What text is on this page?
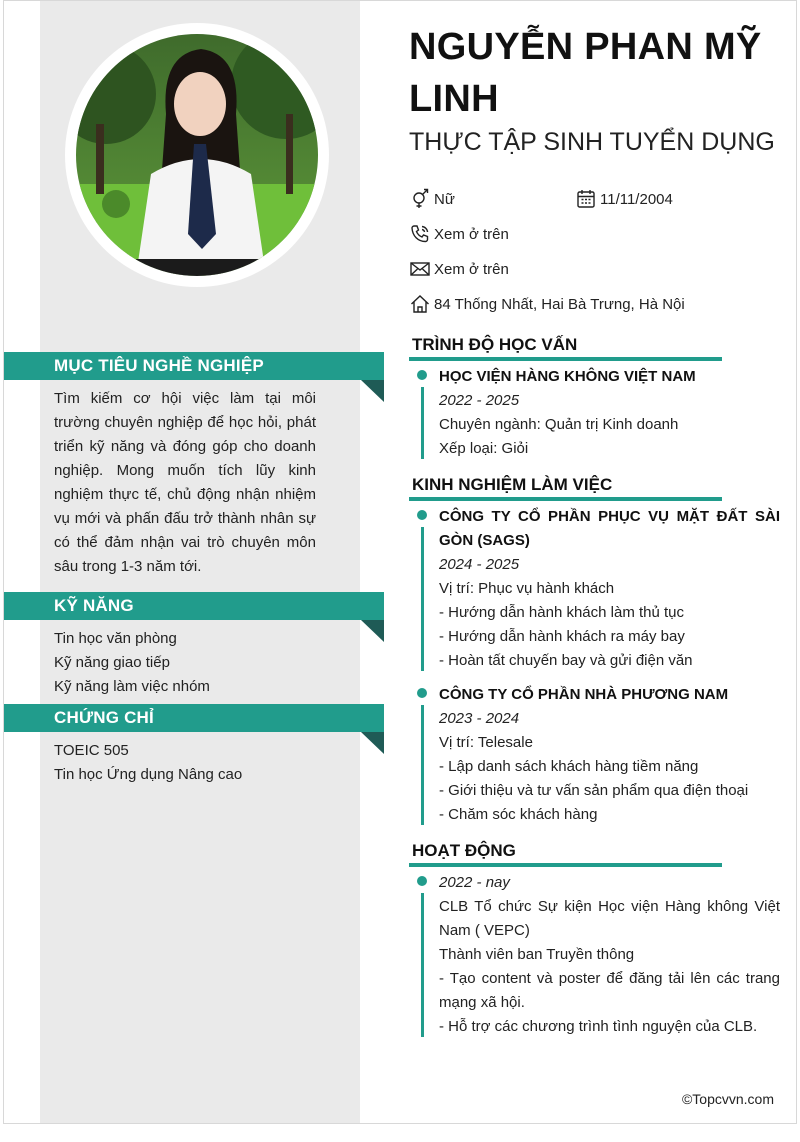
MỤC TIÊU NGHỀ NGHIỆP
Tìm kiếm cơ hội việc làm tại môi trường chuyên nghiệp để học hỏi, phát triển kỹ năng và đóng góp cho doanh nghiệp. Mong muốn tích lũy kinh nghiệm thực tế, chủ động nhận nhiệm vụ mới và phấn đấu trở thành nhân sự có thể đảm nhận vai trò chuyên môn sâu trong 1-3 năm tới.
KỸ NĂNG
Tin học văn phòng
Kỹ năng giao tiếp
Kỹ năng làm việc nhóm
CHỨNG CHỈ
TOEIC 505
Tin học Ứng dụng Nâng cao
NGUYỄN PHAN MỸ LINH
THỰC TẬP SINH TUYỂN DỤNG
Nữ	11/11/2004
Xem ở trên
Xem ở trên
84 Thống Nhất, Hai Bà Trưng, Hà Nội
TRÌNH ĐỘ HỌC VẤN
HỌC VIỆN HÀNG KHÔNG VIỆT NAM
2022 - 2025
Chuyên ngành: Quản trị Kinh doanh
Xếp loại: Giỏi
KINH NGHIỆM LÀM VIỆC
CÔNG TY CỔ PHẦN PHỤC VỤ MẶT ĐẤT SÀI GÒN (SAGS)
2024 - 2025
Vị trí: Phục vụ hành khách
- Hướng dẫn hành khách làm thủ tục
- Hướng dẫn hành khách ra máy bay
- Hoàn tất chuyến bay và gửi điện văn
CÔNG TY CỔ PHẦN NHÀ PHƯƠNG NAM
2023 - 2024
Vị trí: Telesale
- Lập danh sách khách hàng tiềm năng
- Giới thiệu và tư vấn sản phẩm qua điện thoại
- Chăm sóc khách hàng
HOẠT ĐỘNG
2022 - nay
CLB Tổ chức Sự kiện Học viện Hàng không Việt Nam ( VEPC)
Thành viên ban Truyền thông
- Tạo content và poster để đăng tải lên các trang mạng xã hội.
- Hỗ trợ các chương trình tình nguyện của CLB.
©Topcvvn.com
